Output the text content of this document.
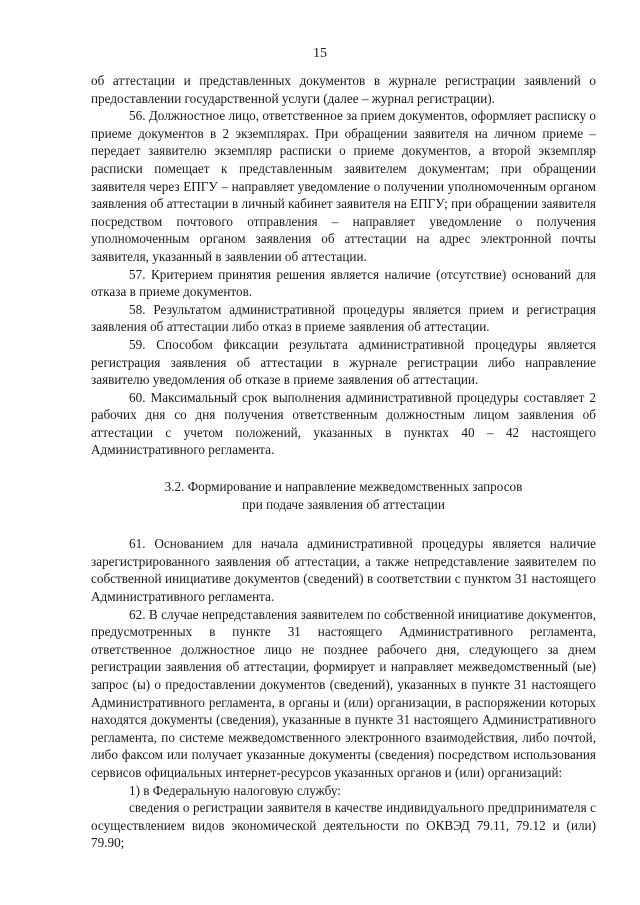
15

об аттестации и представленных документов в журнале регистрации заявлений о предоставлении государственной услуги (далее – журнал регистрации).

56. Должностное лицо, ответственное за прием документов, оформляет расписку о приеме документов в 2 экземплярах. При обращении заявителя на личном приеме – передает заявителю экземпляр расписки о приеме документов, а второй экземпляр расписки помещает к представленным заявителем документам; при обращении заявителя через ЕПГУ – направляет уведомление о получении уполномоченным органом заявления об аттестации в личный кабинет заявителя на ЕПГУ; при обращении заявителя посредством почтового отправления – направляет уведомление о получения уполномоченным органом заявления об аттестации на адрес электронной почты заявителя, указанный в заявлении об аттестации.

57. Критерием принятия решения является наличие (отсутствие) оснований для отказа в приеме документов.

58. Результатом административной процедуры является прием и регистрация заявления об аттестации либо отказ в приеме заявления об аттестации.

59. Способом фиксации результата административной процедуры является регистрация заявления об аттестации в журнале регистрации либо направление заявителю уведомления об отказе в приеме заявления об аттестации.

60. Максимальный срок выполнения административной процедуры составляет 2 рабочих дня со дня получения ответственным должностным лицом заявления об аттестации с учетом положений, указанных в пунктах 40 – 42 настоящего Административного регламента.

3.2. Формирование и направление межведомственных запросов
при подаче заявления об аттестации

61. Основанием для начала административной процедуры является наличие зарегистрированного заявления об аттестации, а также непредставление заявителем по собственной инициативе документов (сведений) в соответствии с пунктом 31 настоящего Административного регламента.

62. В случае непредставления заявителем по собственной инициативе документов, предусмотренных в пункте 31 настоящего Административного регламента, ответственное должностное лицо не позднее рабочего дня, следующего за днем регистрации заявления об аттестации, формирует и направляет межведомственный (ые) запрос (ы) о предоставлении документов (сведений), указанных в пункте 31 настоящего Административного регламента, в органы и (или) организации, в распоряжении которых находятся документы (сведения), указанные в пункте 31 настоящего Административного регламента, по системе межведомственного электронного взаимодействия, либо почтой, либо факсом или получает указанные документы (сведения) посредством использования сервисов официальных интернет-ресурсов указанных органов и (или) организаций:

1) в Федеральную налоговую службу:

сведения о регистрации заявителя в качестве индивидуального предпринимателя с осуществлением видов экономической деятельности по ОКВЭД 79.11, 79.12 и (или) 79.90;
